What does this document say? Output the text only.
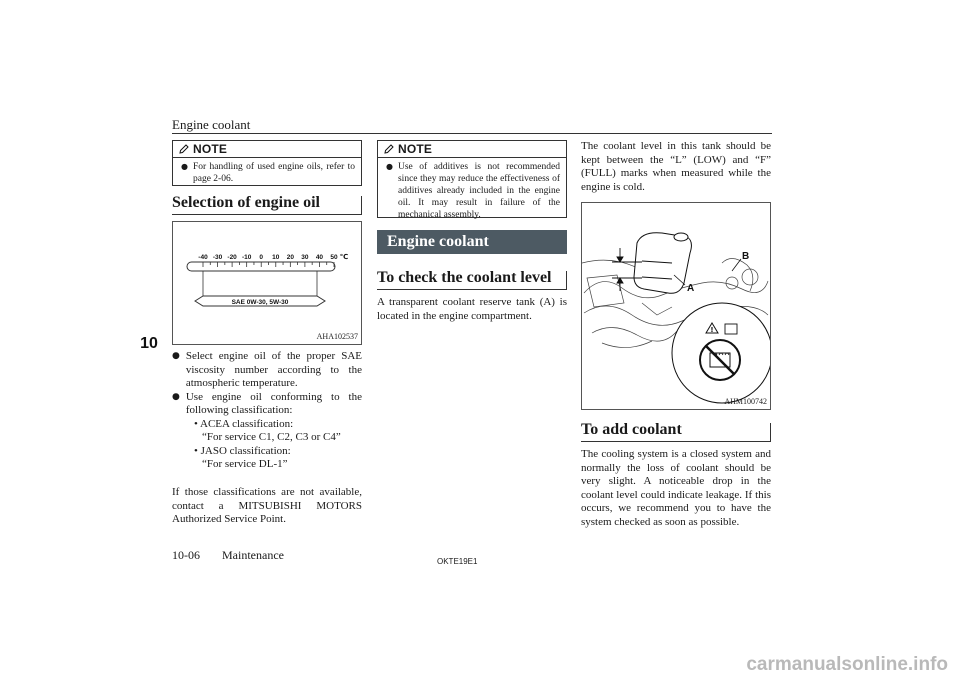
Engine coolant
10
NOTE
● For handling of used engine oils, refer to page 2-06.
Selection of engine oil
-40 -30 -20 -10 0 10 20 30 40 50 ℃
SAE 0W-30, 5W-30
AHA102537
● Select engine oil of the proper SAE viscosity number according to the atmospheric temperature.
● Use engine oil conforming to the following classification:
• ACEA classification:
“For service C1, C2, C3 or C4”
• JASO classification:
“For service DL-1”
If those classifications are not available, contact a MITSUBISHI MOTORS Authorized Service Point.
NOTE
● Use of additives is not recommended since they may reduce the effectiveness of additives already included in the engine oil. It may result in failure of the mechanical assembly.
Engine coolant
To check the coolant level
A transparent coolant reserve tank (A) is located in the engine compartment.
The coolant level in this tank should be kept between the “L” (LOW) and “F” (FULL) marks when measured while the engine is cold.
A
B
!
AHM100742
To add coolant
The cooling system is a closed system and normally the loss of coolant should be very slight. A noticeable drop in the coolant level could indicate leakage. If this occurs, we recommend you to have the system checked as soon as possible.
10-06 Maintenance	OKTE19E1
carmanualsonline.info
